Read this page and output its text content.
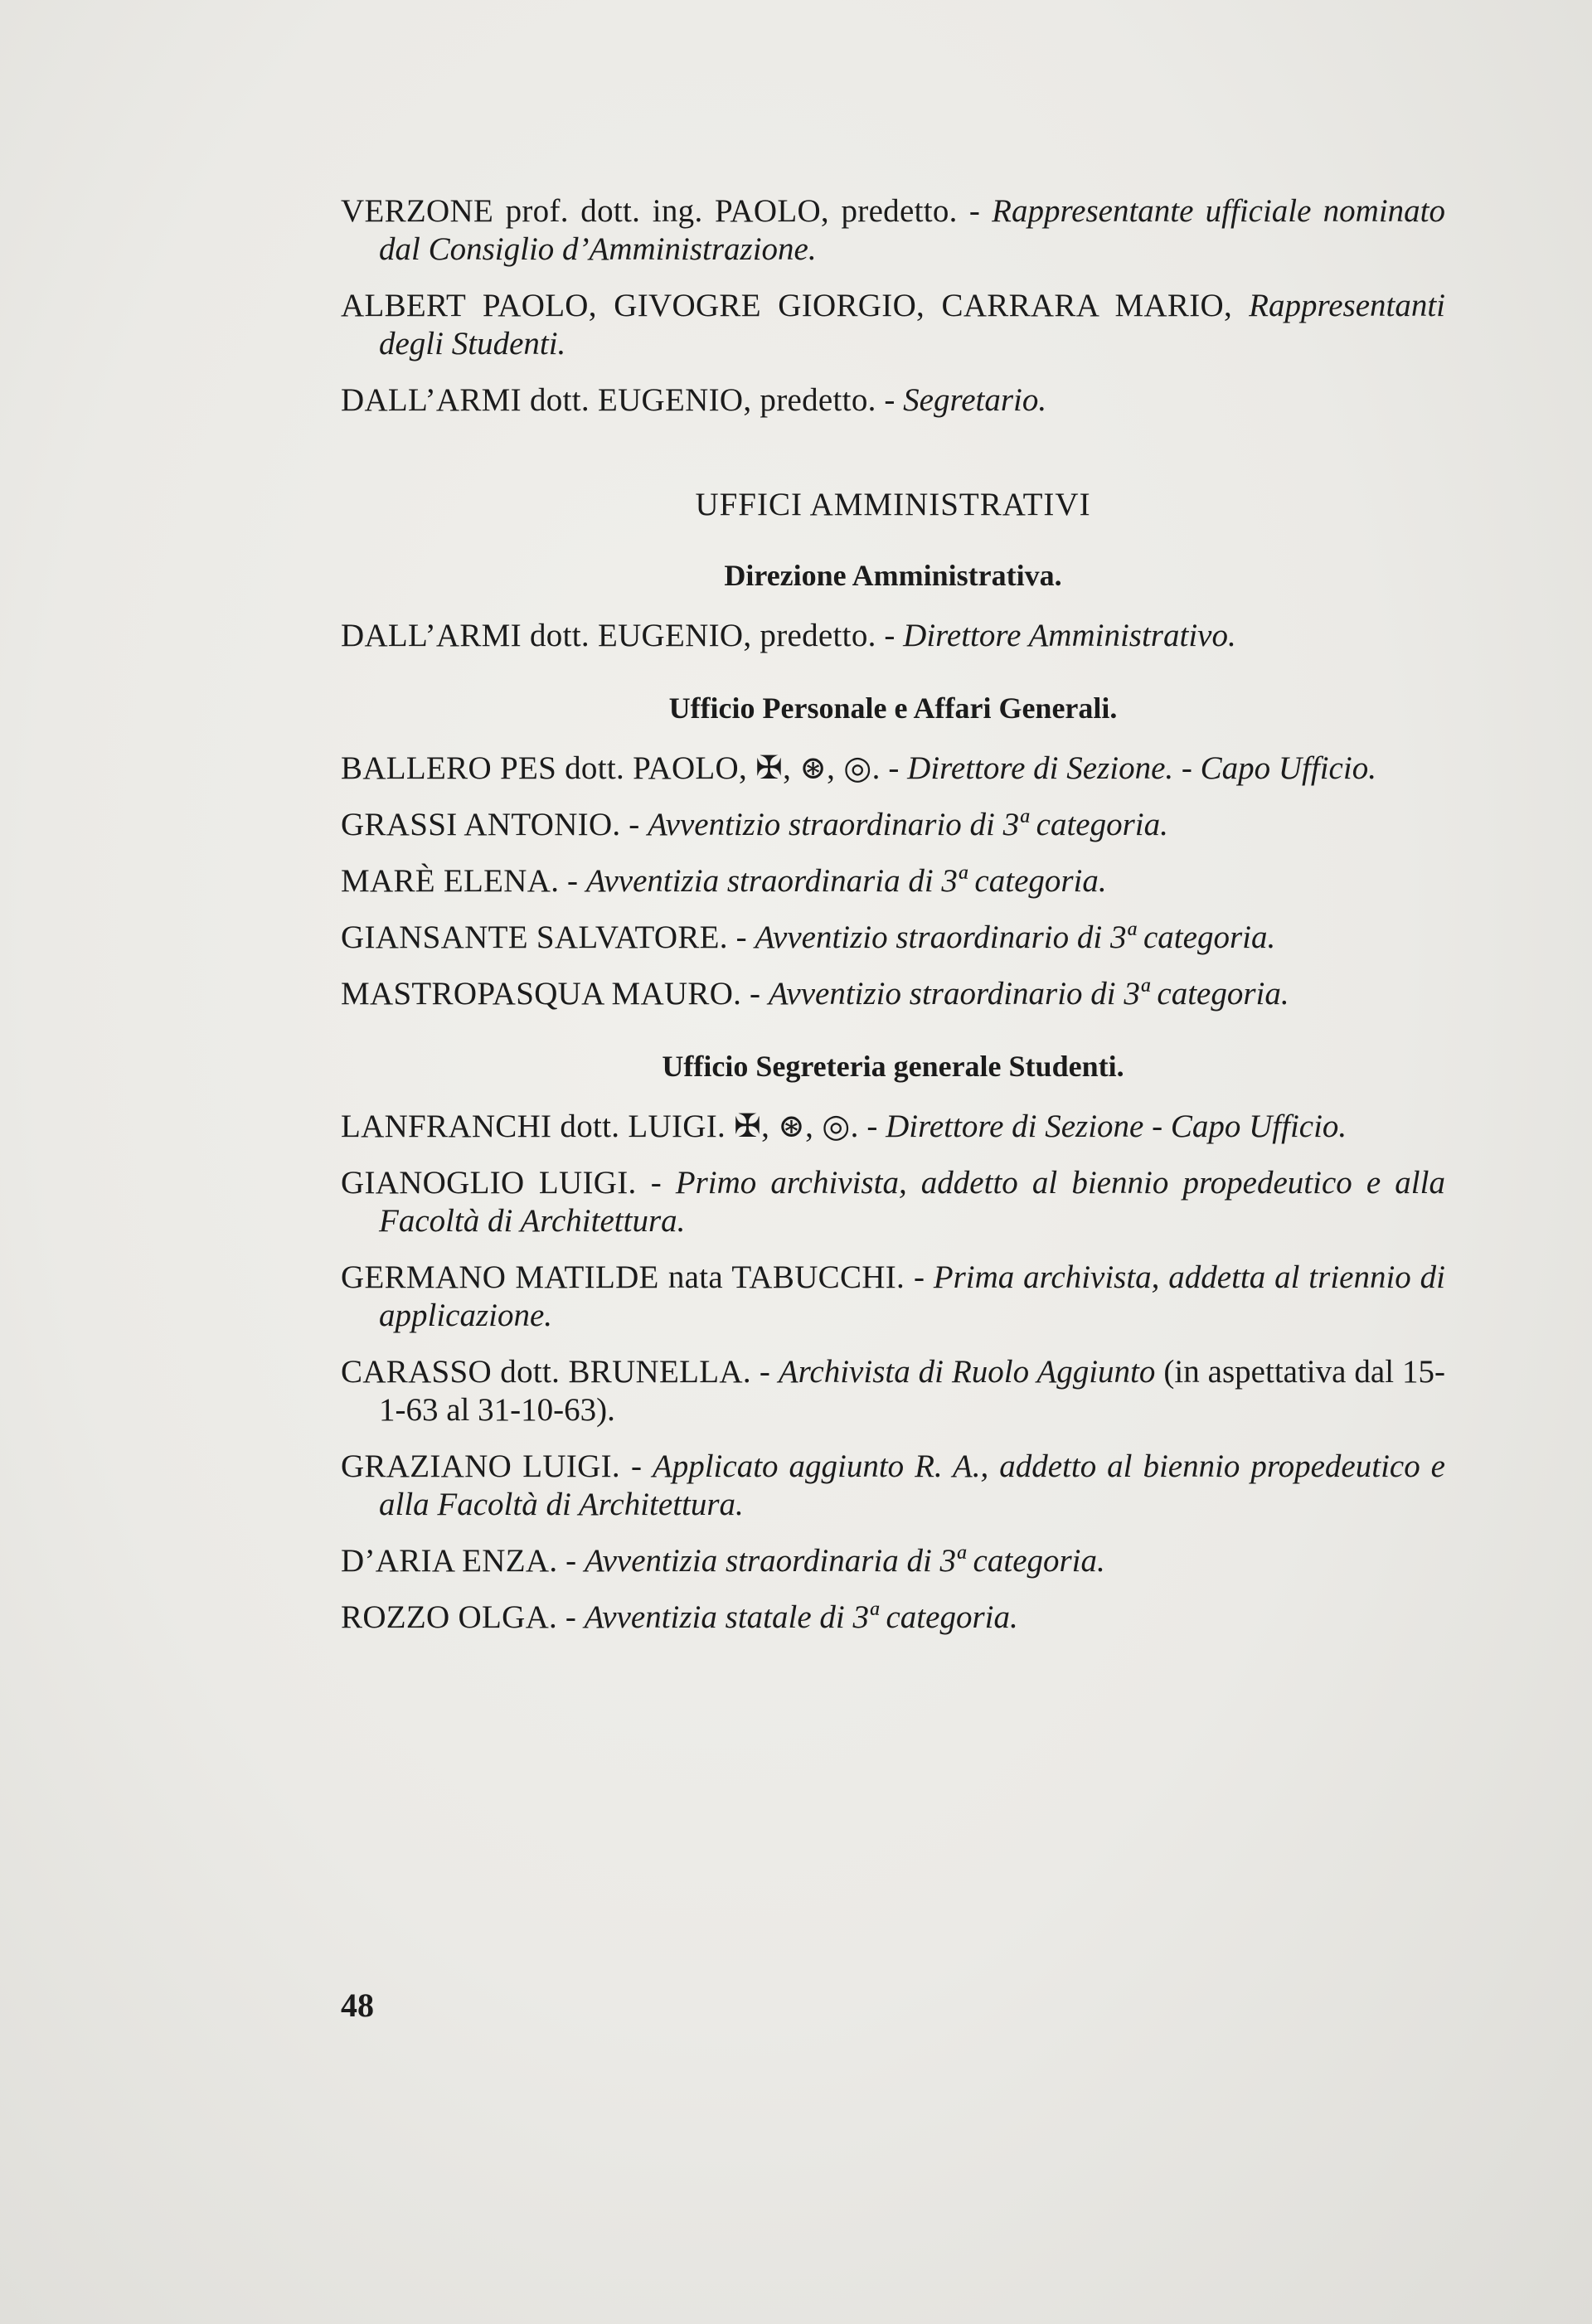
VERZONE prof. dott. ing. PAOLO, predetto. - Rappresentante ufficiale nominato dal Consiglio d’Amministrazione.

ALBERT PAOLO, GIVOGRE GIORGIO, CARRARA MARIO, Rappresentanti degli Studenti.

DALL’ARMI dott. EUGENIO, predetto. - Segretario.

UFFICI AMMINISTRATIVI
Direzione Amministrativa.

DALL’ARMI dott. EUGENIO, predetto. - Direttore Amministrativo.

Ufficio Personale e Affari Generali.

BALLERO PES dott. PAOLO, ✠, ⊛, ◎. - Direttore di Sezione. - Capo Ufficio.

GRASSI ANTONIO. - Avventizio straordinario di 3ª categoria.

MARÈ ELENA. - Avventizia straordinaria di 3ª categoria.

GIANSANTE SALVATORE. - Avventizio straordinario di 3ª categoria.

MASTROPASQUA MAURO. - Avventizio straordinario di 3ª categoria.

Ufficio Segreteria generale Studenti.

LANFRANCHI dott. LUIGI. ✠, ⊛, ◎. - Direttore di Sezione - Capo Ufficio.

GIANOGLIO LUIGI. - Primo archivista, addetto al biennio propedeutico e alla Facoltà di Architettura.

GERMANO MATILDE nata TABUCCHI. - Prima archivista, addetta al triennio di applicazione.

CARASSO dott. BRUNELLA. - Archivista di Ruolo Aggiunto (in aspettativa dal 15-1-63 al 31-10-63).

GRAZIANO LUIGI. - Applicato aggiunto R. A., addetto al biennio propedeutico e alla Facoltà di Architettura.

D’ARIA ENZA. - Avventizia straordinaria di 3ª categoria.

ROZZO OLGA. - Avventizia statale di 3ª categoria.

48
